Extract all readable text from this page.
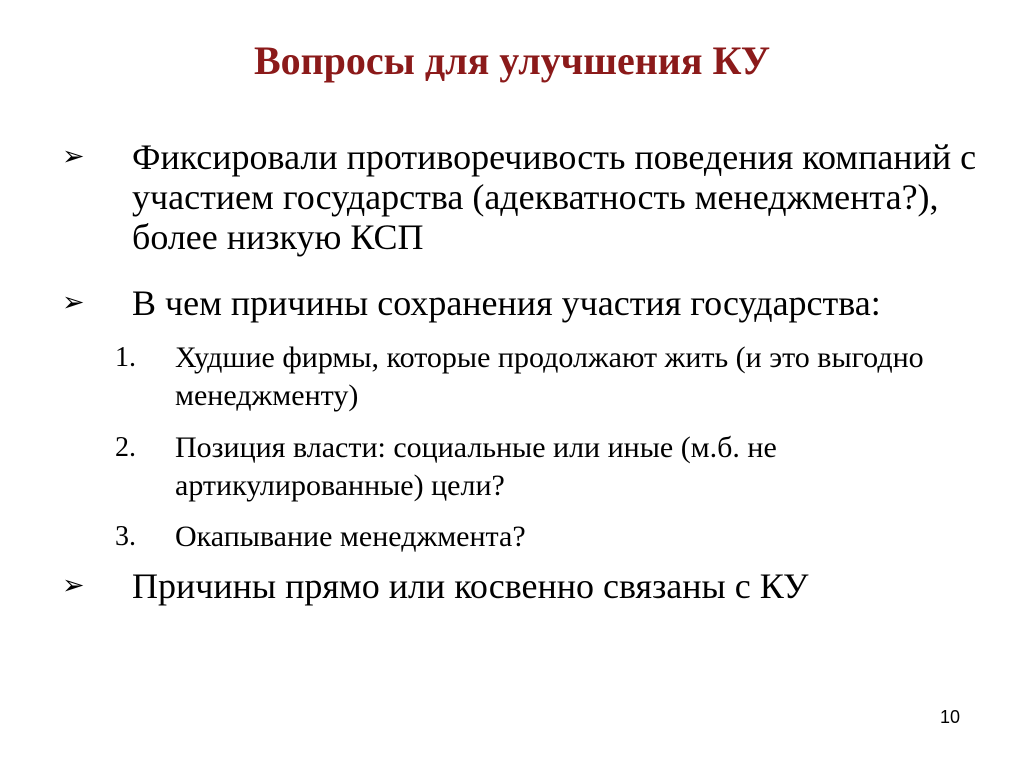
Вопросы для улучшения КУ
➢ Фиксировали противоречивость поведения компаний с участием государства (адекватность менеджмента?), более низкую КСП
➢ В чем причины сохранения участия государства:
1. Худшие фирмы, которые продолжают жить (и это выгодно менеджменту)
2. Позиция власти: социальные или иные (м.б. не артикулированные) цели?
3. Окапывание менеджмента?
➢ Причины прямо или косвенно связаны с КУ
10
